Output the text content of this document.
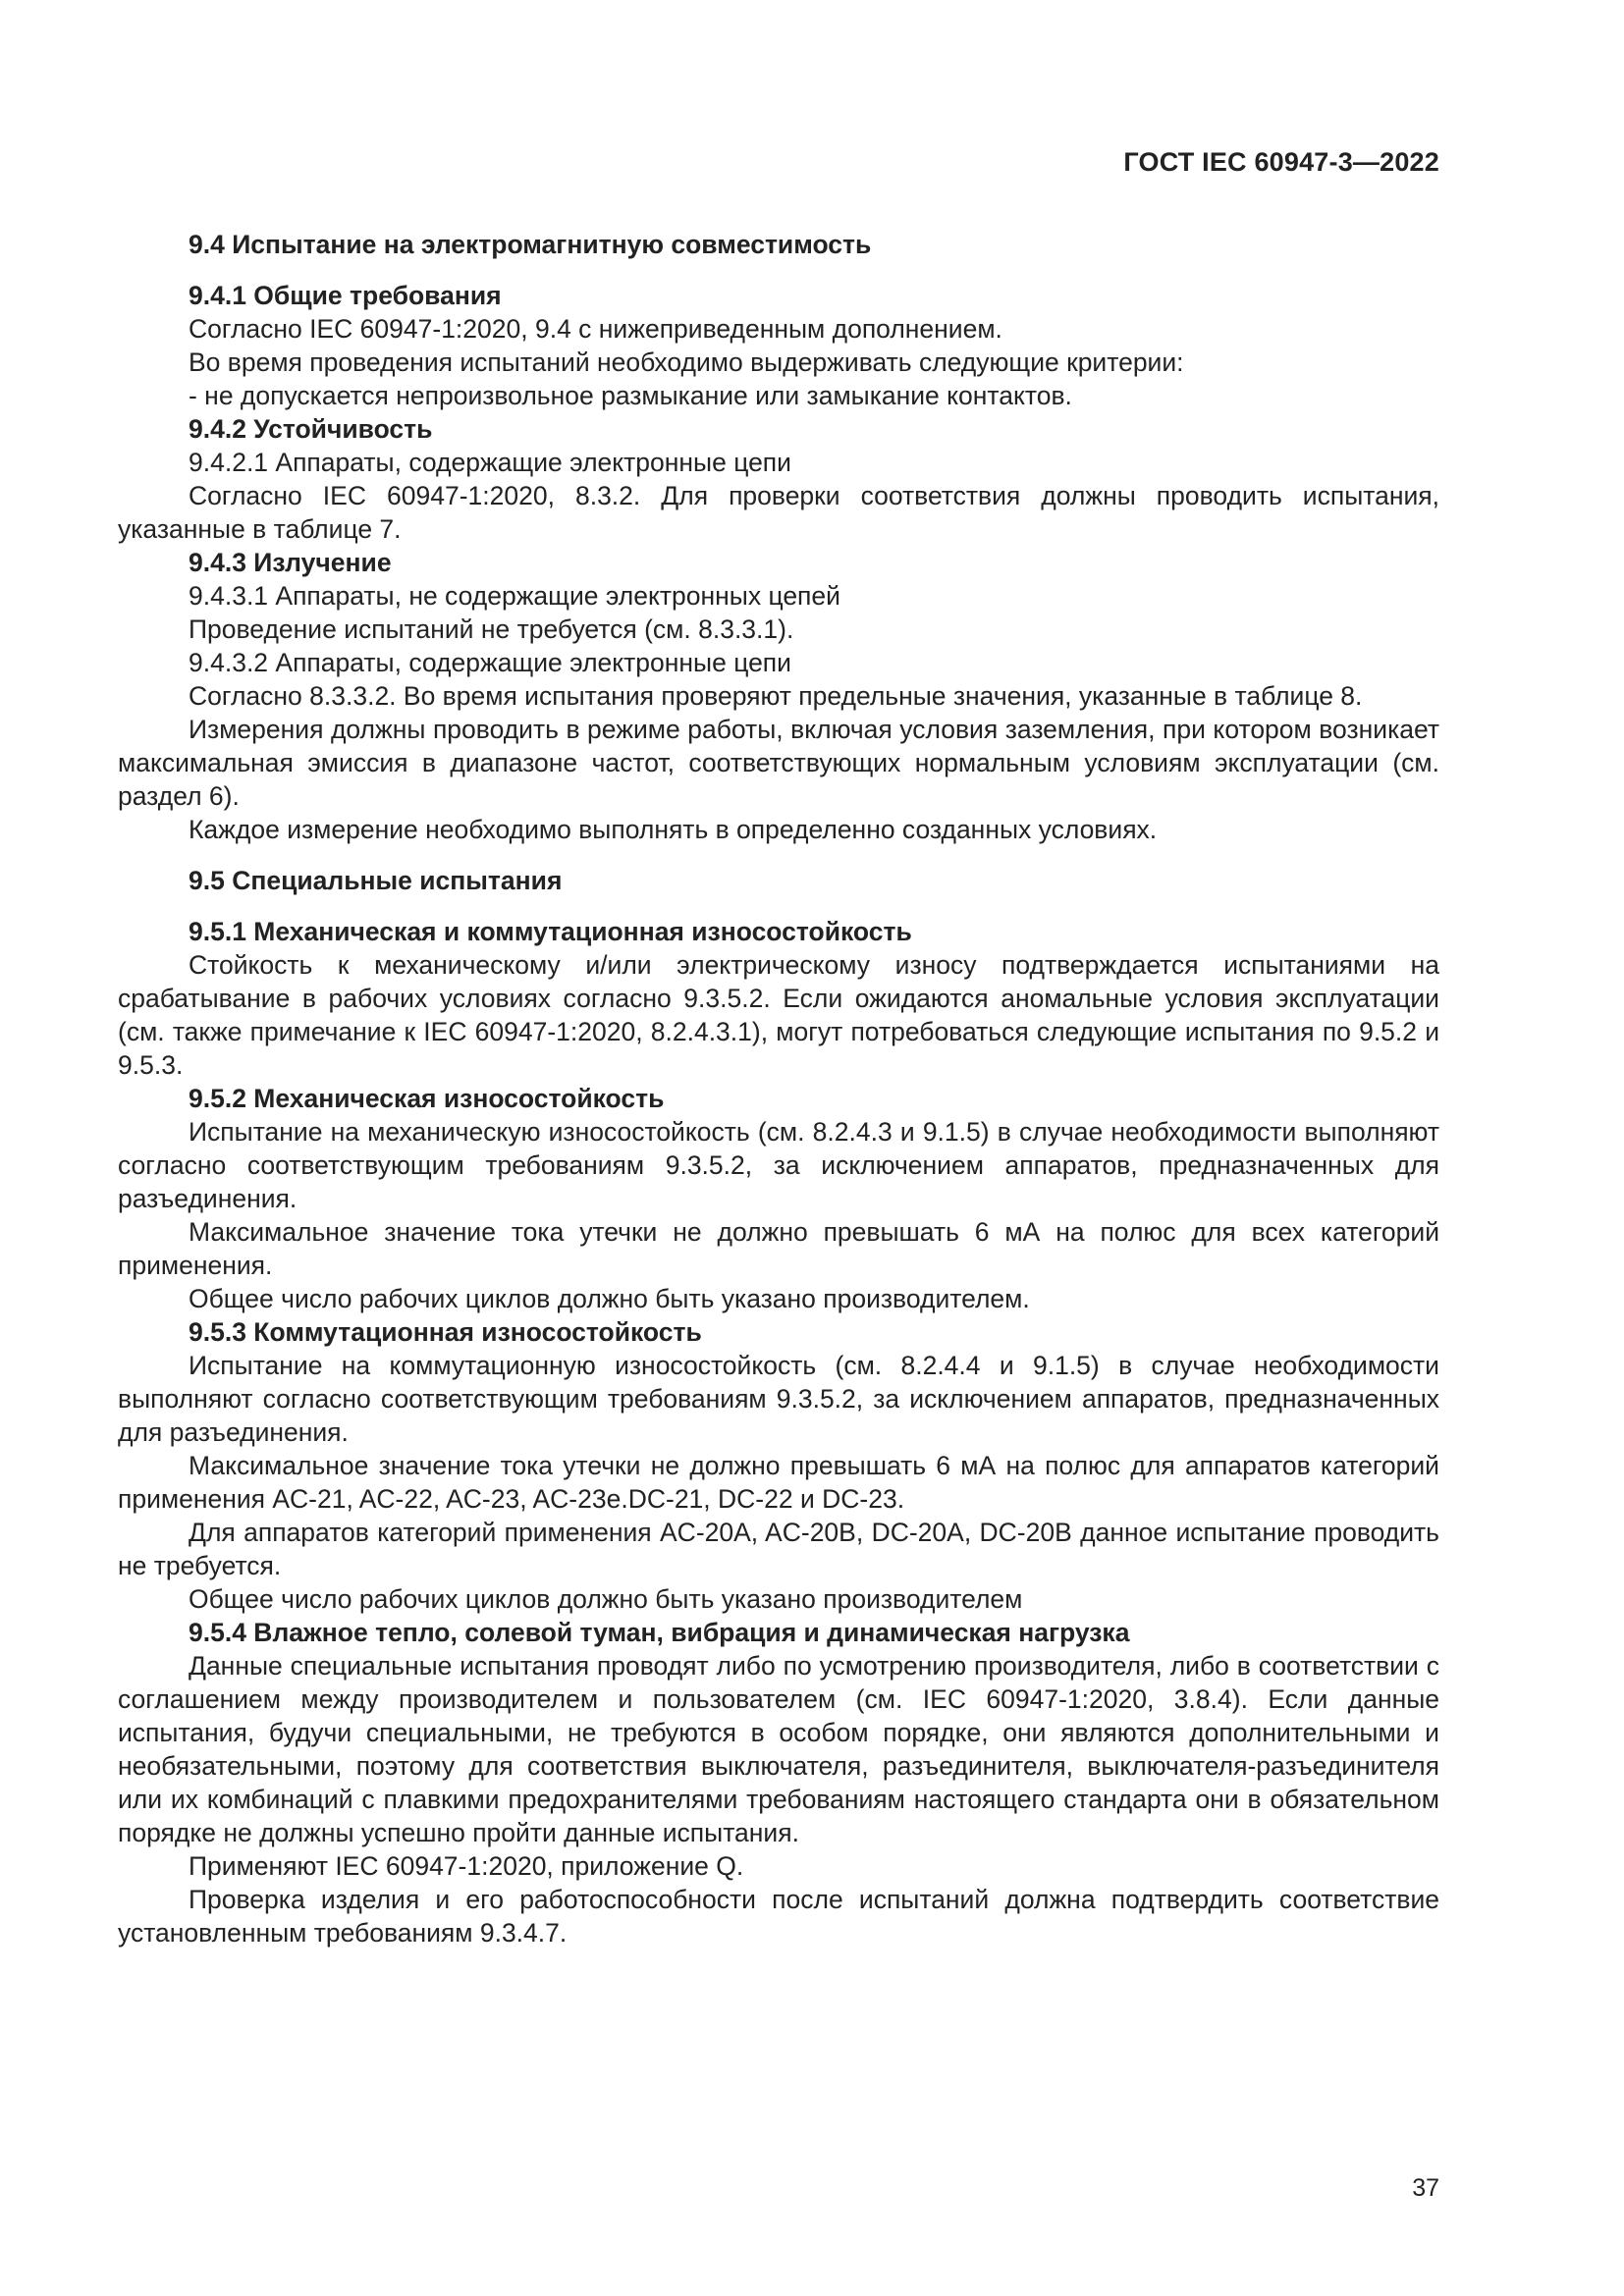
ГОСТ IEC 60947-3—2022

9.4 Испытание на электромагнитную совместимость

9.4.1 Общие требования

Согласно IEC 60947-1:2020, 9.4 с нижеприведенным дополнением.

Во время проведения испытаний необходимо выдерживать следующие критерии:

- не допускается непроизвольное размыкание или замыкание контактов.

9.4.2 Устойчивость

9.4.2.1 Аппараты, содержащие электронные цепи

Согласно IEC 60947-1:2020, 8.3.2. Для проверки соответствия должны проводить испытания, указанные в таблице 7.

9.4.3 Излучение

9.4.3.1 Аппараты, не содержащие электронных цепей

Проведение испытаний не требуется (см. 8.3.3.1).

9.4.3.2 Аппараты, содержащие электронные цепи

Согласно 8.3.3.2. Во время испытания проверяют предельные значения, указанные в таблице 8.

Измерения должны проводить в режиме работы, включая условия заземления, при котором возникает максимальная эмиссия в диапазоне частот, соответствующих нормальным условиям эксплуатации (см. раздел 6).

Каждое измерение необходимо выполнять в определенно созданных условиях.

9.5 Специальные испытания

9.5.1 Механическая и коммутационная износостойкость

Стойкость к механическому и/или электрическому износу подтверждается испытаниями на срабатывание в рабочих условиях согласно 9.3.5.2. Если ожидаются аномальные условия эксплуатации (см. также примечание к IEC 60947-1:2020, 8.2.4.3.1), могут потребоваться следующие испытания по 9.5.2 и 9.5.3.

9.5.2 Механическая износостойкость

Испытание на механическую износостойкость (см. 8.2.4.3 и 9.1.5) в случае необходимости выполняют согласно соответствующим требованиям 9.3.5.2, за исключением аппаратов, предназначенных для разъединения.

Максимальное значение тока утечки не должно превышать 6 мА на полюс для всех категорий применения.

Общее число рабочих циклов должно быть указано производителем.

9.5.3 Коммутационная износостойкость

Испытание на коммутационную износостойкость (см. 8.2.4.4 и 9.1.5) в случае необходимости выполняют согласно соответствующим требованиям 9.3.5.2, за исключением аппаратов, предназначенных для разъединения.

Максимальное значение тока утечки не должно превышать 6 мА на полюс для аппаратов категорий применения AC-21, AC-22, AC-23, AC-23e.DC-21, DC-22 и DC-23.

Для аппаратов категорий применения AC-20A, AC-20B, DC-20A, DC-20B данное испытание проводить не требуется.

Общее число рабочих циклов должно быть указано производителем

9.5.4 Влажное тепло, солевой туман, вибрация и динамическая нагрузка

Данные специальные испытания проводят либо по усмотрению производителя, либо в соответствии с соглашением между производителем и пользователем (см. IEC 60947-1:2020, 3.8.4). Если данные испытания, будучи специальными, не требуются в особом порядке, они являются дополнительными и необязательными, поэтому для соответствия выключателя, разъединителя, выключателя-разъединителя или их комбинаций с плавкими предохранителями требованиям настоящего стандарта они в обязательном порядке не должны успешно пройти данные испытания.

Применяют IEC 60947-1:2020, приложение Q.

Проверка изделия и его работоспособности после испытаний должна подтвердить соответствие установленным требованиям 9.3.4.7.

37
